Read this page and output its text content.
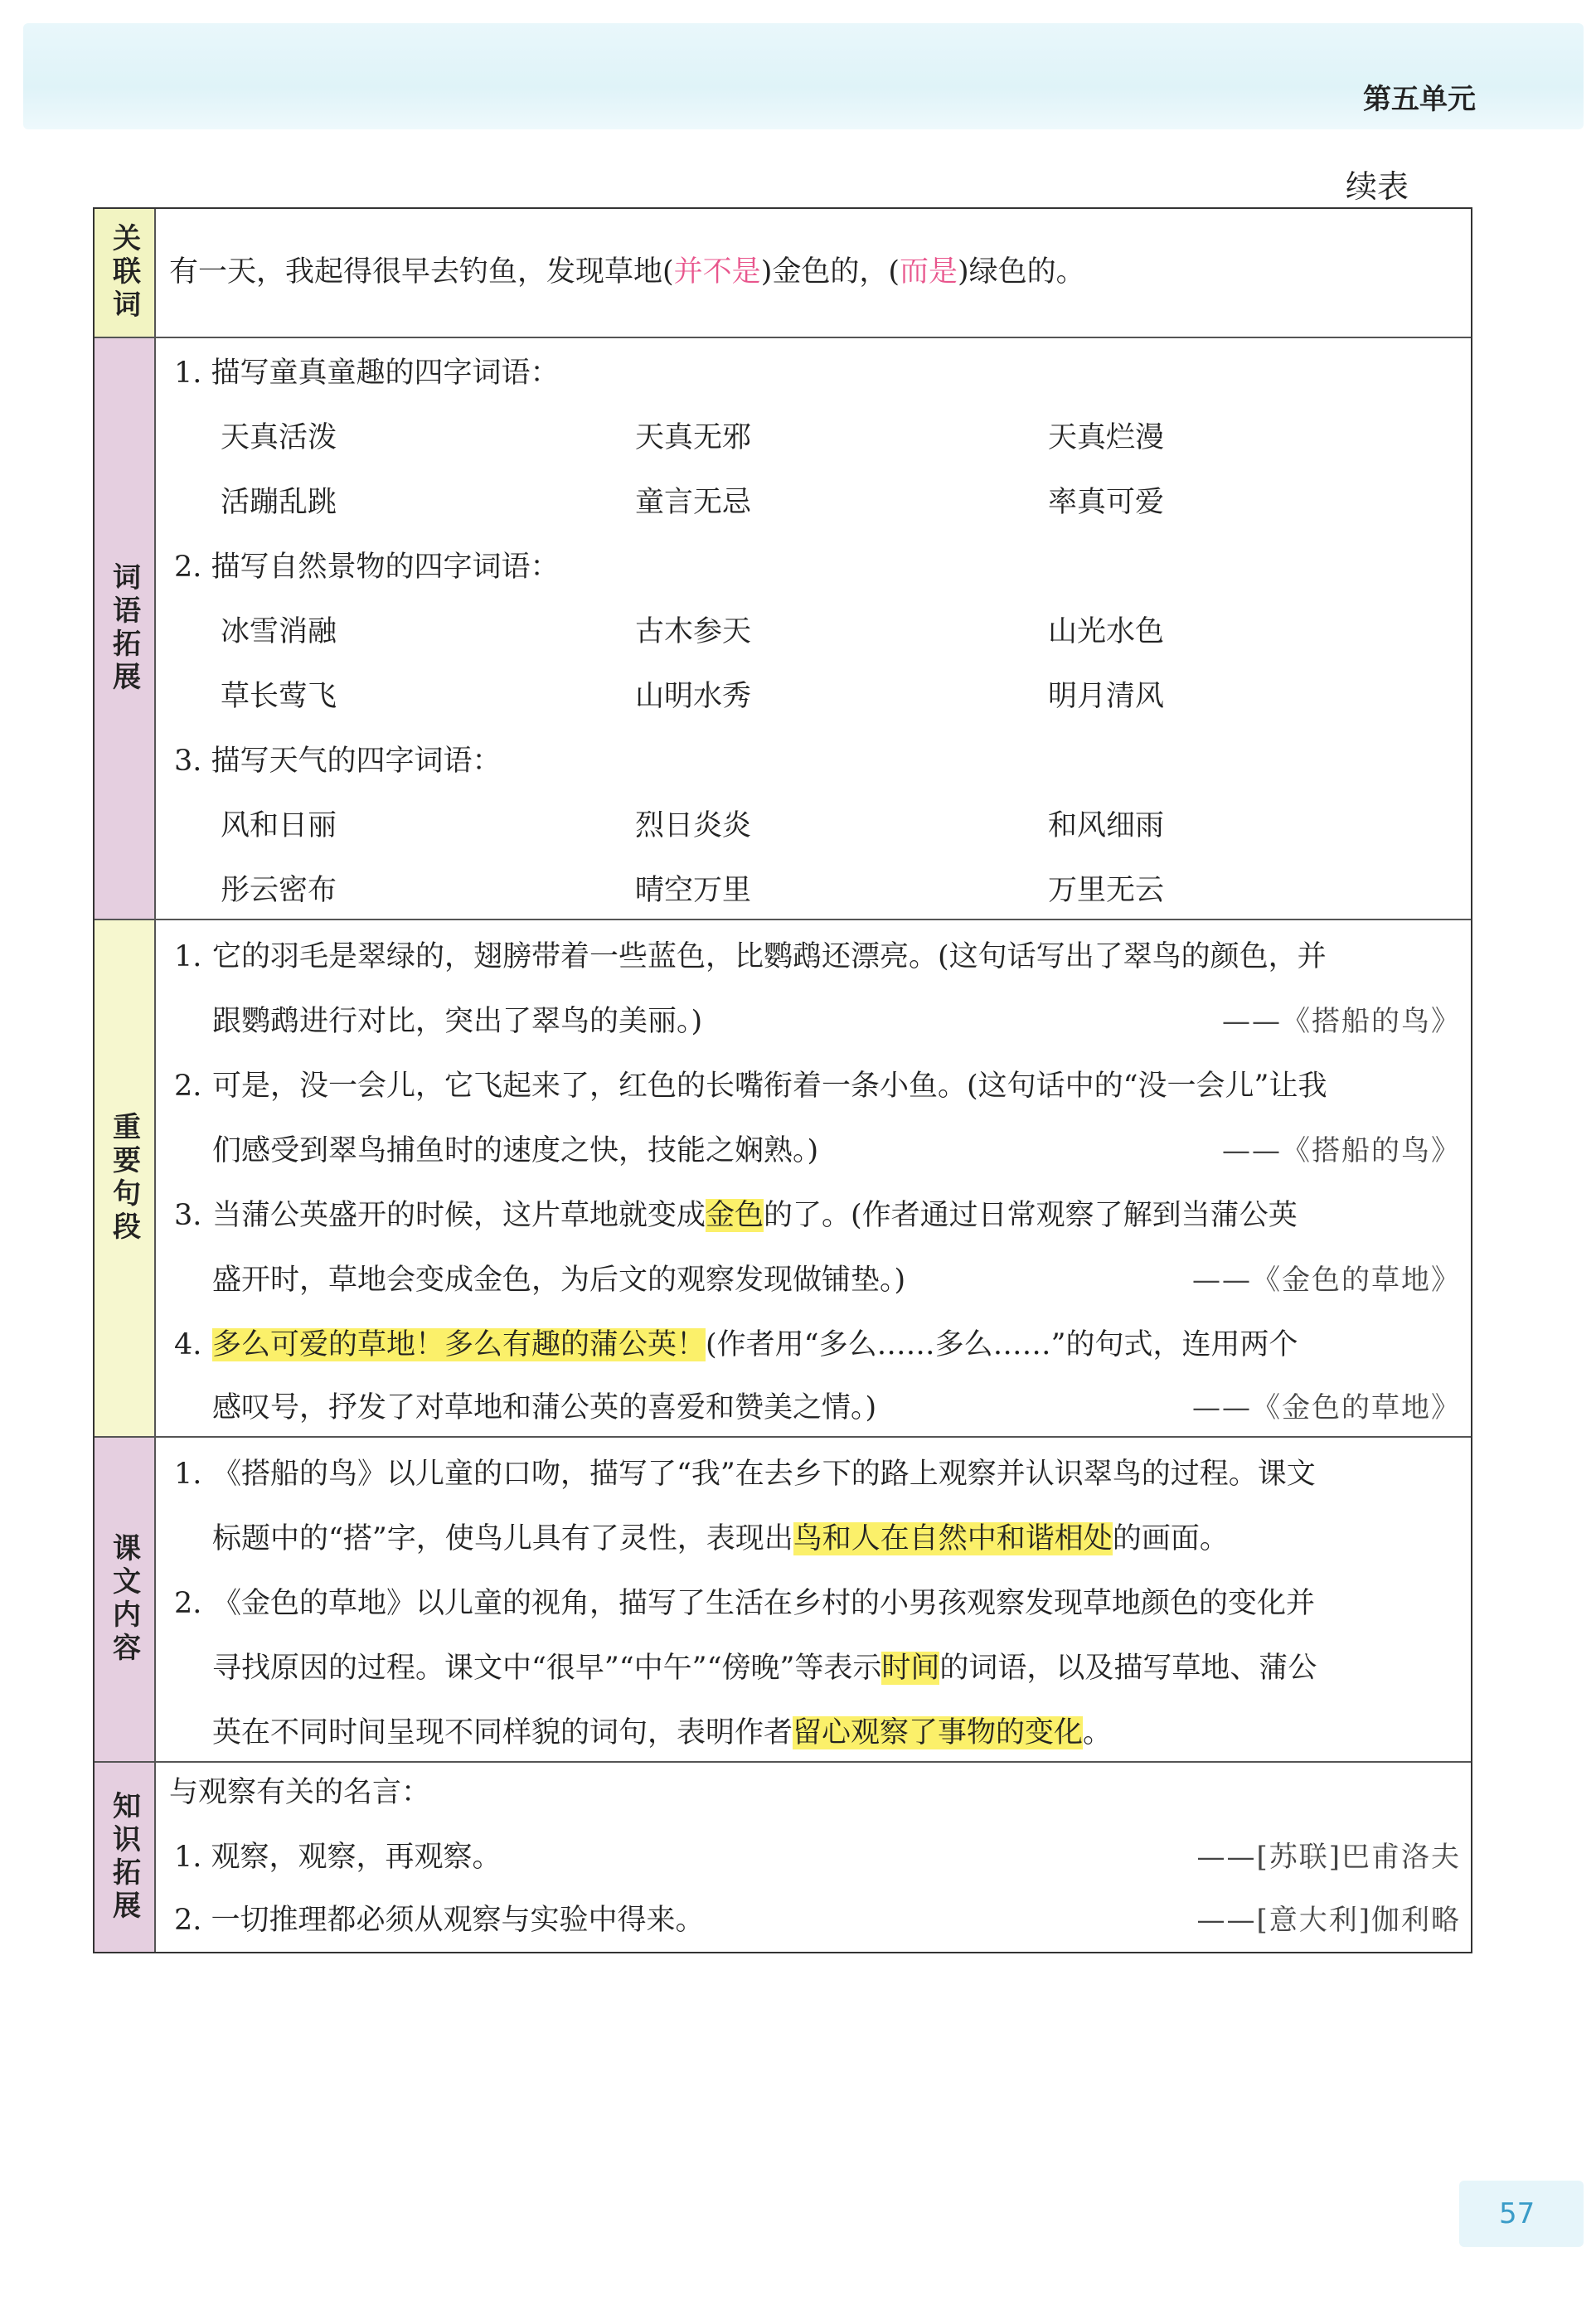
第五单元
续表
关联词 有一天，我起得很早去钓鱼，发现草地(并不是)金色的，(而是)绿色的。
词语拓展
1. 描写童真童趣的四字词语：
天真活泼	天真无邪	天真烂漫
活蹦乱跳	童言无忌	率真可爱
2. 描写自然景物的四字词语：
冰雪消融	古木参天	山光水色
草长莺飞	山明水秀	明月清风
3. 描写天气的四字词语：
风和日丽	烈日炎炎	和风细雨
彤云密布	晴空万里	万里无云
重要句段
1. 它的羽毛是翠绿的，翅膀带着一些蓝色，比鹦鹉还漂亮。(这句话写出了翠鸟的颜色，并
跟鹦鹉进行对比，突出了翠鸟的美丽。)	——《搭船的鸟》
2. 可是，没一会儿，它飞起来了，红色的长嘴衔着一条小鱼。(这句话中的“没一会儿”让我
们感受到翠鸟捕鱼时的速度之快，技能之娴熟。)	——《搭船的鸟》
3. 当蒲公英盛开的时候，这片草地就变成金色的了。(作者通过日常观察了解到当蒲公英
盛开时，草地会变成金色，为后文的观察发现做铺垫。)	——《金色的草地》
4. 多么可爱的草地！多么有趣的蒲公英！(作者用“多么……多么……”的句式，连用两个
感叹号，抒发了对草地和蒲公英的喜爱和赞美之情。)	——《金色的草地》
课文内容
1. 《搭船的鸟》以儿童的口吻，描写了“我”在去乡下的路上观察并认识翠鸟的过程。课文
标题中的“搭”字，使鸟儿具有了灵性，表现出鸟和人在自然中和谐相处的画面。
2. 《金色的草地》以儿童的视角，描写了生活在乡村的小男孩观察发现草地颜色的变化并
寻找原因的过程。课文中“很早”“中午”“傍晚”等表示时间的词语，以及描写草地、蒲公
英在不同时间呈现不同样貌的词句，表明作者留心观察了事物的变化。
知识拓展 与观察有关的名言：
1. 观察，观察，再观察。	——[苏联]巴甫洛夫
2. 一切推理都必须从观察与实验中得来。	——[意大利]伽利略
57
